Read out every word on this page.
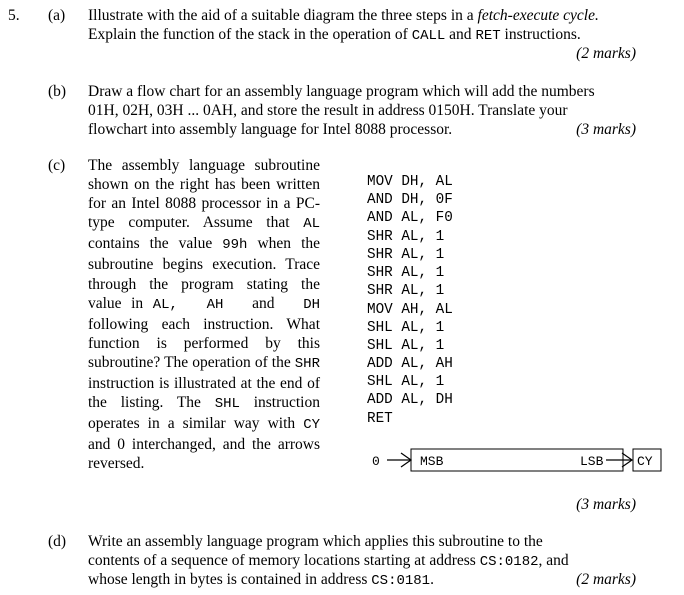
5. (a) Illustrate with the aid of a suitable diagram the three steps in a fetch-execute cycle.
Explain the function of the stack in the operation of CALL and RET instructions.
(2 marks)
(b) Draw a flow chart for an assembly language program which will add the numbers
01H, 02H, 03H ... 0AH, and store the result in address 0150H. Translate your
flowchart into assembly language for Intel 8088 processor.	(3 marks)
(c) The assembly language subroutine shown on the right has been written for an Intel 8088 processor in a PC-type computer. Assume that AL contains the value 99h when the subroutine begins execution. Trace through the program stating the value in AL, AH and DH following each instruction. What function is performed by this subroutine? The operation of the SHR instruction is illustrated at the end of the listing. The SHL instruction operates in a similar way with CY and 0 interchanged, and the arrows reversed.
MOV DH, AL
AND DH, 0F
AND AL, F0
SHR AL, 1
SHR AL, 1
SHR AL, 1
SHR AL, 1
MOV AH, AL
SHL AL, 1
SHL AL, 1
ADD AL, AH
SHL AL, 1
ADD AL, DH
RET
0	MSB	LSB	CY
(3 marks)
(d) Write an assembly language program which applies this subroutine to the
contents of a sequence of memory locations starting at address CS:0182, and
whose length in bytes is contained in address CS:0181.	(2 marks)
